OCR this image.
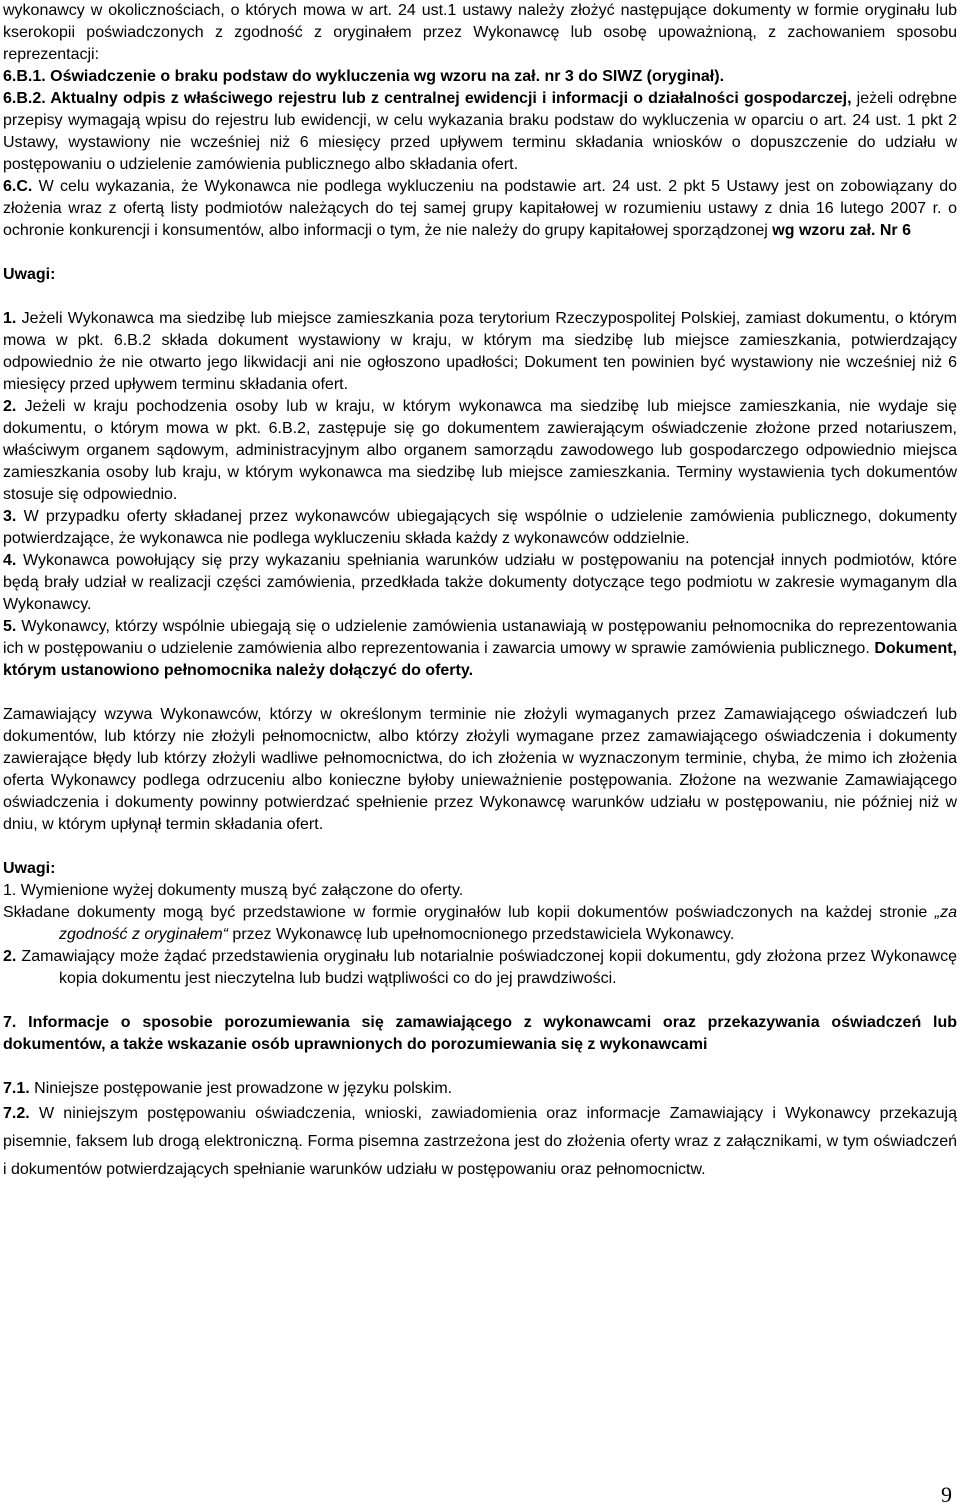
wykonawcy w okolicznościach, o których mowa w art. 24 ust.1 ustawy należy złożyć następujące dokumenty w formie oryginału lub kserokopii poświadczonych z zgodność z oryginałem przez Wykonawcę lub osobę upoważnioną, z zachowaniem sposobu reprezentacji:

6.B.1. Oświadczenie o braku podstaw do wykluczenia wg wzoru na zał. nr 3 do SIWZ (oryginał).

6.B.2. Aktualny odpis z właściwego rejestru lub z centralnej ewidencji i informacji o działalności gospodarczej, jeżeli odrębne przepisy wymagają wpisu do rejestru lub ewidencji, w celu wykazania braku podstaw do wykluczenia w oparciu o art. 24 ust. 1 pkt 2 Ustawy, wystawiony nie wcześniej niż 6 miesięcy przed upływem terminu składania wniosków o dopuszczenie do udziału w postępowaniu o udzielenie zamówienia publicznego albo składania ofert.

6.C. W celu wykazania, że Wykonawca nie podlega wykluczeniu na podstawie art. 24 ust. 2 pkt 5 Ustawy jest on zobowiązany do złożenia wraz z ofertą listy podmiotów należących do tej samej grupy kapitałowej w rozumieniu ustawy z dnia 16 lutego 2007 r. o ochronie konkurencji i konsumentów, albo informacji o tym, że nie należy do grupy kapitałowej sporządzonej wg wzoru zał. Nr 6

Uwagi:

1. Jeżeli Wykonawca ma siedzibę lub miejsce zamieszkania poza terytorium Rzeczypospolitej Polskiej, zamiast dokumentu, o którym mowa w pkt. 6.B.2 składa dokument wystawiony w kraju, w którym ma siedzibę lub miejsce zamieszkania, potwierdzający odpowiednio że nie otwarto jego likwidacji ani nie ogłoszono upadłości; Dokument ten powinien być wystawiony nie wcześniej niż 6 miesięcy przed upływem terminu składania ofert.

2. Jeżeli w kraju pochodzenia osoby lub w kraju, w którym wykonawca ma siedzibę lub miejsce zamieszkania, nie wydaje się dokumentu, o którym mowa w pkt. 6.B.2, zastępuje się go dokumentem zawierającym oświadczenie złożone przed notariuszem, właściwym organem sądowym, administracyjnym albo organem samorządu zawodowego lub gospodarczego odpowiednio miejsca zamieszkania osoby lub kraju, w którym wykonawca ma siedzibę lub miejsce zamieszkania. Terminy wystawienia tych dokumentów stosuje się odpowiednio.

3. W przypadku oferty składanej przez wykonawców ubiegających się wspólnie o udzielenie zamówienia publicznego, dokumenty potwierdzające, że wykonawca nie podlega wykluczeniu składa każdy z wykonawców oddzielnie.

4. Wykonawca powołujący się przy wykazaniu spełniania warunków udziału w postępowaniu na potencjał innych podmiotów, które będą brały udział w realizacji części zamówienia, przedkłada także dokumenty dotyczące tego podmiotu w zakresie wymaganym dla Wykonawcy.

5. Wykonawcy, którzy wspólnie ubiegają się o udzielenie zamówienia ustanawiają w postępowaniu pełnomocnika do reprezentowania ich w postępowaniu o udzielenie zamówienia albo reprezentowania i zawarcia umowy w sprawie zamówienia publicznego. Dokument, którym ustanowiono pełnomocnika należy dołączyć do oferty.

Zamawiający wzywa Wykonawców, którzy w określonym terminie nie złożyli wymaganych przez Zamawiającego oświadczeń lub dokumentów, lub którzy nie złożyli pełnomocnictw, albo którzy złożyli wymagane przez zamawiającego oświadczenia i dokumenty zawierające błędy lub którzy złożyli wadliwe pełnomocnictwa, do ich złożenia w wyznaczonym terminie, chyba, że mimo ich złożenia oferta Wykonawcy podlega odrzuceniu albo konieczne byłoby unieważnienie postępowania. Złożone na wezwanie Zamawiającego oświadczenia i dokumenty powinny potwierdzać spełnienie przez Wykonawcę warunków udziału w postępowaniu, nie później niż w dniu, w którym upłynął termin składania ofert.

Uwagi:

1. Wymienione wyżej dokumenty muszą być załączone do oferty.

Składane dokumenty mogą być przedstawione w formie oryginałów lub kopii dokumentów poświadczonych na każdej stronie „za zgodność z oryginałem“ przez Wykonawcę lub upełnomocnionego przedstawiciela Wykonawcy.

2. Zamawiający może żądać przedstawienia oryginału lub notarialnie poświadczonej kopii dokumentu, gdy złożona przez Wykonawcę kopia dokumentu jest nieczytelna lub budzi wątpliwości co do jej prawdziwości.

7. Informacje o sposobie porozumiewania się zamawiającego z wykonawcami oraz przekazywania oświadczeń lub dokumentów, a także wskazanie osób uprawnionych do porozumiewania się z wykonawcami

7.1. Niniejsze postępowanie jest prowadzone w języku polskim.

7.2. W niniejszym postępowaniu oświadczenia, wnioski, zawiadomienia oraz informacje Zamawiający i Wykonawcy przekazują pisemnie, faksem lub drogą elektroniczną. Forma pisemna zastrzeżona jest do złożenia oferty wraz z załącznikami, w tym oświadczeń i dokumentów potwierdzających spełnianie warunków udziału w postępowaniu oraz pełnomocnictw.

9
